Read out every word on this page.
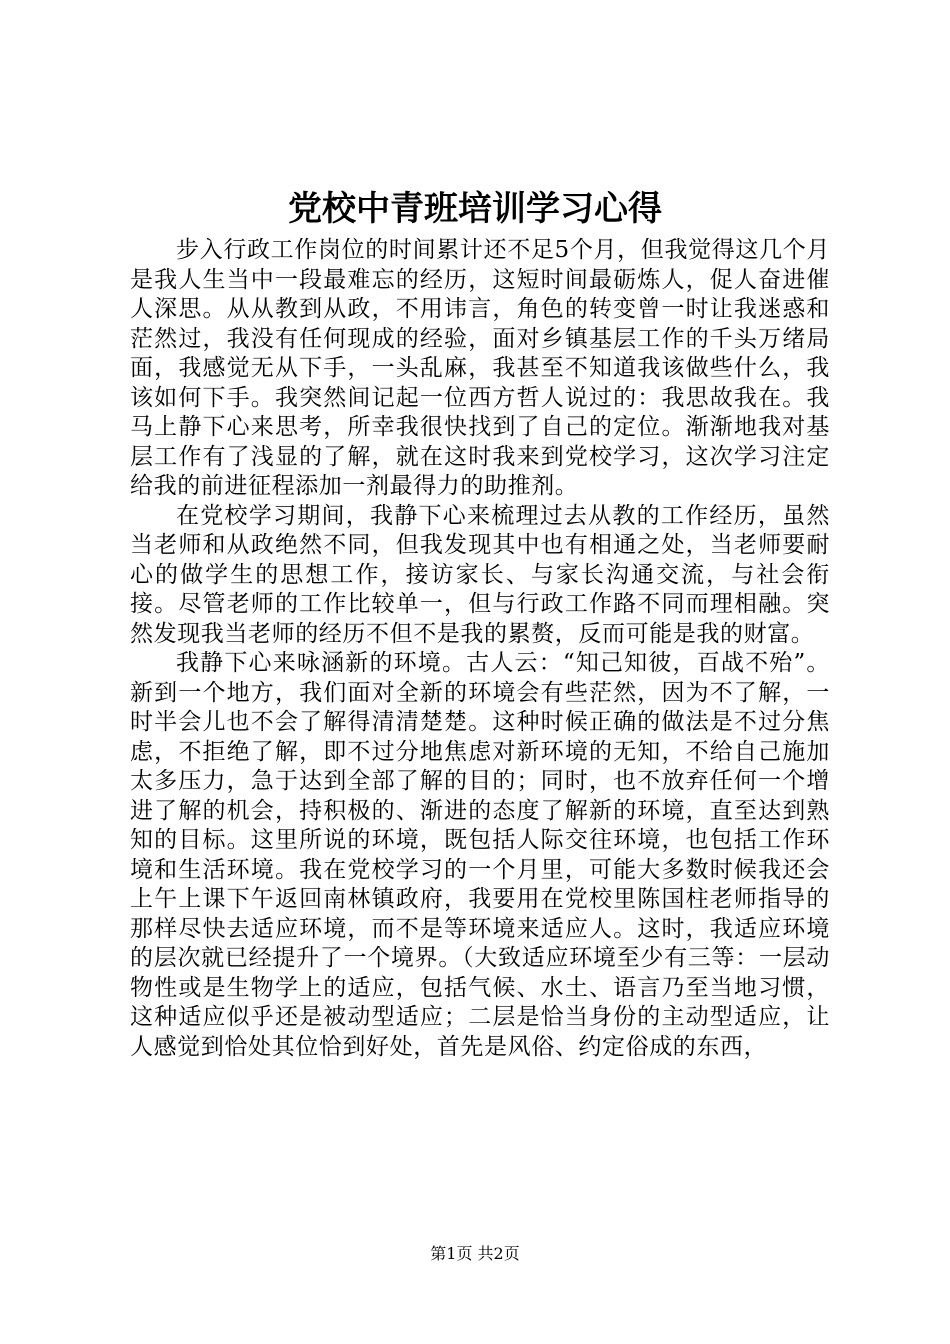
党校中青班培训学习心得

步入行政工作岗位的时间累计还不足5个月，但我觉得这几个月是我人生当中一段最难忘的经历，这短时间最砺炼人，促人奋进催人深思。从从教到从政，不用讳言，角色的转变曾一时让我迷惑和茫然过，我没有任何现成的经验，面对乡镇基层工作的千头万绪局面，我感觉无从下手，一头乱麻，我甚至不知道我该做些什么，我该如何下手。我突然间记起一位西方哲人说过的：我思故我在。我马上静下心来思考，所幸我很快找到了自己的定位。渐渐地我对基层工作有了浅显的了解，就在这时我来到党校学习，这次学习注定给我的前进征程添加一剂最得力的助推剂。

在党校学习期间，我静下心来梳理过去从教的工作经历，虽然当老师和从政绝然不同，但我发现其中也有相通之处，当老师要耐心的做学生的思想工作，接访家长、与家长沟通交流，与社会衔接。尽管老师的工作比较单一，但与行政工作路不同而理相融。突然发现我当老师的经历不但不是我的累赘，反而可能是我的财富。

我静下心来咏涵新的环境。古人云：“知己知彼，百战不殆”。新到一个地方，我们面对全新的环境会有些茫然，因为不了解，一时半会儿也不会了解得清清楚楚。这种时候正确的做法是不过分焦虑，不拒绝了解，即不过分地焦虑对新环境的无知，不给自己施加太多压力，急于达到全部了解的目的；同时，也不放弃任何一个增进了解的机会，持积极的、渐进的态度了解新的环境，直至达到熟知的目标。这里所说的环境，既包括人际交往环境，也包括工作环境和生活环境。我在党校学习的一个月里，可能大多数时候我还会上午上课下午返回南林镇政府，我要用在党校里陈国柱老师指导的那样尽快去适应环境，而不是等环境来适应人。这时，我适应环境的层次就已经提升了一个境界。（大致适应环境至少有三等：一层动物性或是生物学上的适应，包括气候、水土、语言乃至当地习惯，这种适应似乎还是被动型适应；二层是恰当身份的主动型适应，让人感觉到恰处其位恰到好处，首先是风俗、约定俗成的东西，

第1页 共2页
